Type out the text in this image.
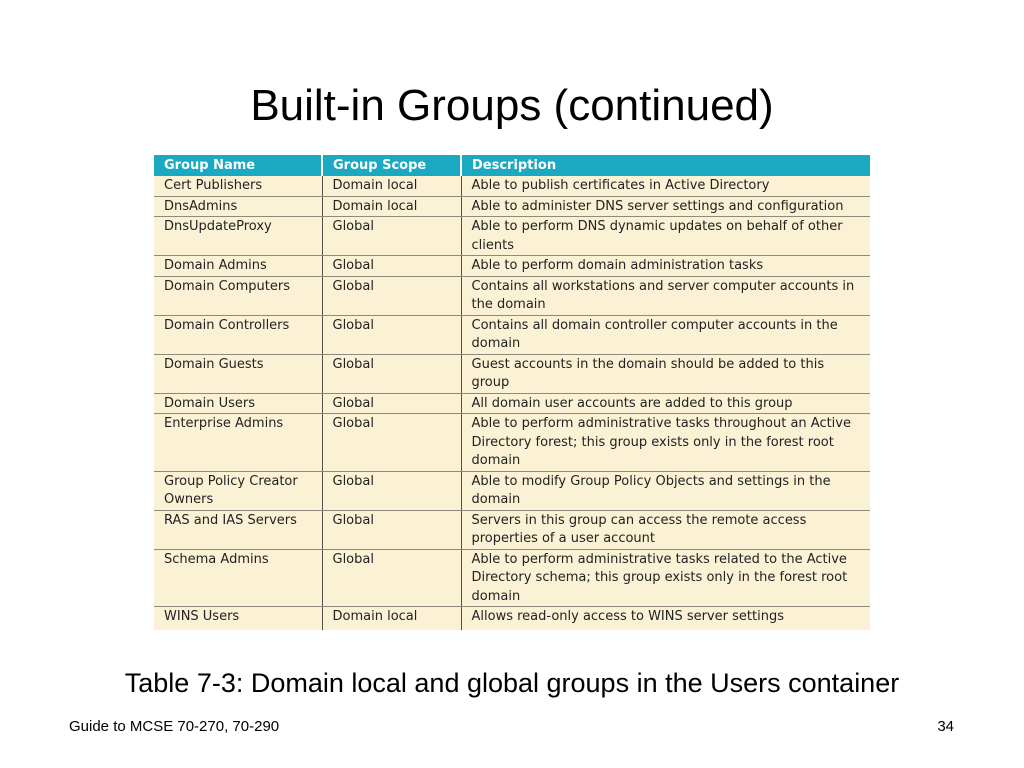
Built-in Groups (continued)
Group Name	Group Scope	Description
Cert Publishers	Domain local	Able to publish certificates in Active Directory
DnsAdmins	Domain local	Able to administer DNS server settings and configuration
DnsUpdateProxy	Global	Able to perform DNS dynamic updates on behalf of other clients
Domain Admins	Global	Able to perform domain administration tasks
Domain Computers	Global	Contains all workstations and server computer accounts in the domain
Domain Controllers	Global	Contains all domain controller computer accounts in the domain
Domain Guests	Global	Guest accounts in the domain should be added to this group
Domain Users	Global	All domain user accounts are added to this group
Enterprise Admins	Global	Able to perform administrative tasks throughout an Active Directory forest; this group exists only in the forest root domain
Group Policy Creator Owners	Global	Able to modify Group Policy Objects and settings in the domain
RAS and IAS Servers	Global	Servers in this group can access the remote access properties of a user account
Schema Admins	Global	Able to perform administrative tasks related to the Active Directory schema; this group exists only in the forest root domain
WINS Users	Domain local	Allows read-only access to WINS server settings
Table 7-3: Domain local and global groups in the Users container
Guide to MCSE 70-270, 70-290	34
